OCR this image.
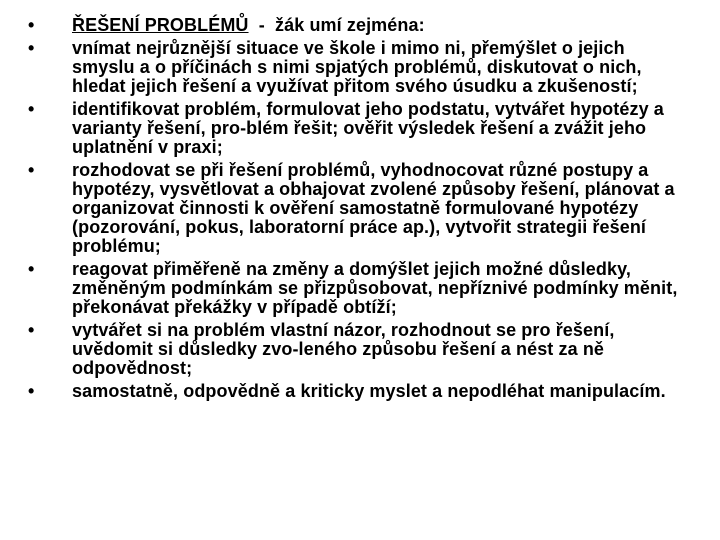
• ŘEŠENÍ PROBLÉMŮ  -  žák umí zejména:
• vnímat nejrůznější situace ve škole i mimo ni, přemýšlet o jejich smyslu a o příčinách s nimi spjatých problémů, diskutovat o nich, hledat jejich řešení a využívat přitom svého úsudku a zkušeností;
• identifikovat problém, formulovat jeho podstatu, vytvářet hypotézy a varianty řešení, pro-blém řešit; ověřit výsledek řešení a zvážit jeho uplatnění v praxi;
• rozhodovat se při řešení problémů, vyhodnocovat různé postupy a hypotézy, vysvětlovat a obhajovat zvolené způsoby řešení, plánovat a organizovat činnosti k ověření samostatně formulované hypotézy (pozorování, pokus, laboratorní práce ap.), vytvořit strategii řešení problému;
• reagovat přiměřeně na změny a domýšlet jejich možné důsledky, změněným podmínkám se přizpůsobovat, nepříznivé podmínky měnit, překonávat překážky v případě obtíží;
• vytvářet si na problém vlastní názor, rozhodnout se pro řešení, uvědomit si důsledky zvo-leného způsobu řešení a nést za ně odpovědnost;
• samostatně, odpovědně a kriticky myslet a nepodléhat manipulacím.
